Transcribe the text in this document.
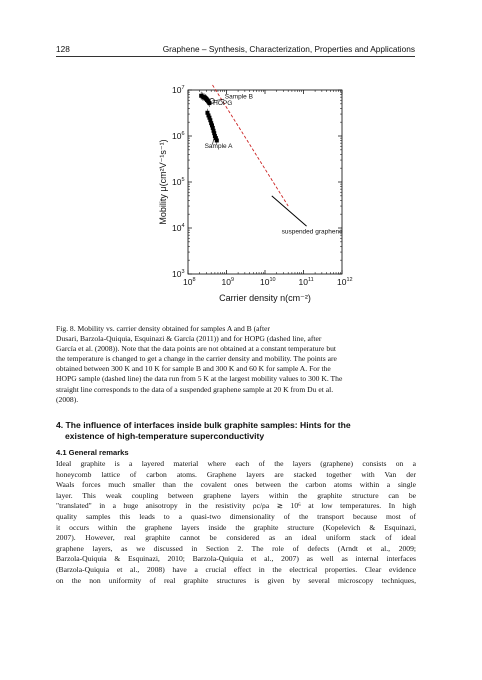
128	Graphene – Synthesis, Characterization, Properties and Applications
$10^8$	$10^9$	$10^{10}$	$10^{11}$	$10^{12}$
$10^3$
$10^4$
$10^5$
$10^6$
$10^7$
Carrier density n(cm⁻²)
Mobility μ(cm²V⁻¹s⁻¹)
HOPG
Sample B
Sample A
suspended graphene
Fig. 8. Mobility vs. carrier density obtained for samples A and B (after
Dusari, Barzola-Quiquia, Esquinazi & García (2011)) and for HOPG (dashed line, after
García et al. (2008)). Note that the data points are not obtained at a constant temperature but
the temperature is changed to get a change in the carrier density and mobility. The points are
obtained between 300 K and 10 K for sample B and 300 K and 60 K for sample A. For the
HOPG sample (dashed line) the data run from 5 K at the largest mobility values to 300 K. The
straight line corresponds to the data of a suspended graphene sample at 20 K from Du et al.
(2008).
4. The influence of interfaces inside bulk graphite samples: Hints for the
existence of high-temperature superconductivity
4.1 General remarks
Ideal graphite is a layered material where each of the layers (graphene) consists on a
honeycomb lattice of carbon atoms. Graphene layers are stacked together with Van der
Waals forces much smaller than the covalent ones between the carbon atoms within a single
layer. This weak coupling between graphene layers within the graphite structure can be
"translated" in a huge anisotropy in the resistivity ρc/ρa ≳ 10⁶ at low temperatures. In high
quality samples this leads to a quasi-two dimensionality of the transport because most of
it occurs within the graphene layers inside the graphite structure (Kopelevich & Esquinazi,
2007). However, real graphite cannot be considered as an ideal uniform stack of ideal
graphene layers, as we discussed in Section 2. The role of defects (Arndt et al., 2009;
Barzola-Quiquia & Esquinazi, 2010; Barzola-Quiquia et al., 2007) as well as internal interfaces
(Barzola-Quiquia et al., 2008) have a crucial effect in the electrical properties. Clear evidence
on the non uniformity of real graphite structures is given by several microscopy techniques,
